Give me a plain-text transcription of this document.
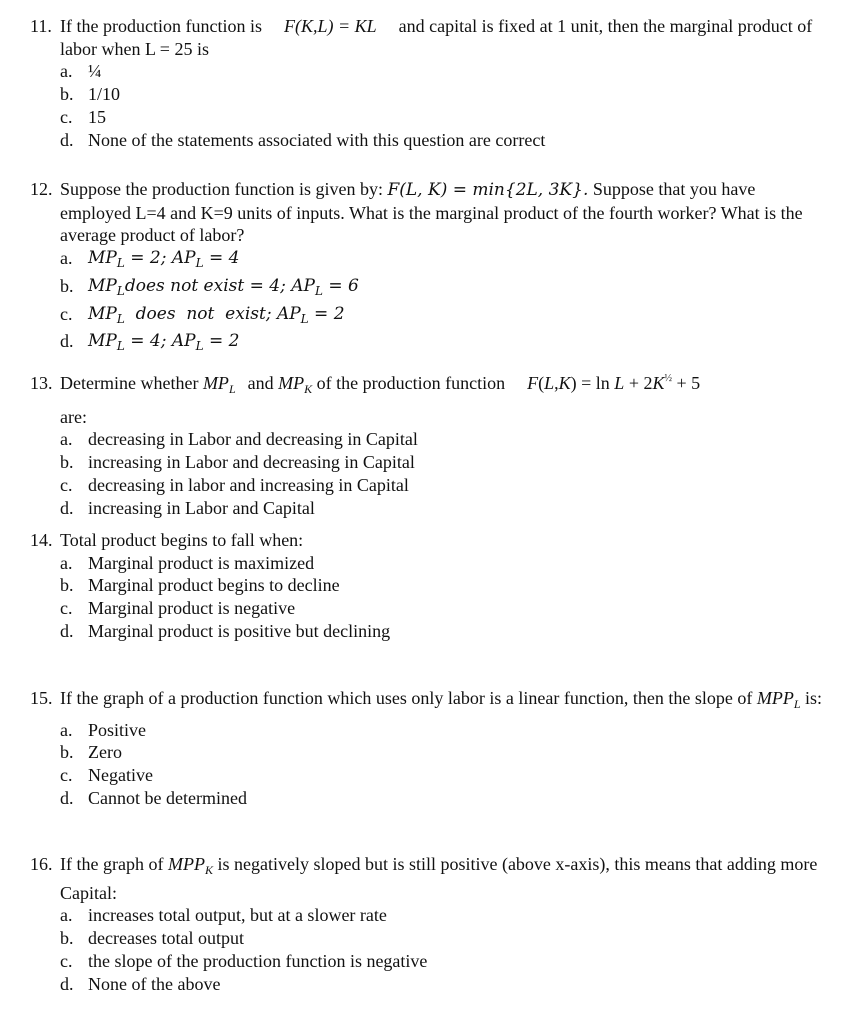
11. If the production function is F(K,L) = KL and capital is fixed at 1 unit, then the marginal product of labor when L = 25 is
a. ¼
b. 1/10
c. 15
d. None of the statements associated with this question are correct
12. Suppose the production function is given by: F(L, K) = min{2L, 3K}. Suppose that you have employed L=4 and K=9 units of inputs. What is the marginal product of the fourth worker? What is the average product of labor?
a. $MP_L = 2$; $AP_L = 4$
b. $MP_Ldoes$ not exist = 4; $AP_L = 6$
c. $MP_L$  does  not  exist; $AP_L = 2$
d. $MP_L = 4$; $AP_L = 2$
13. Determine whether $MP_L$ and $MP_K$ of the production function $F(L,K) = \ln L + 2K^{\frac{1}{2}} + 5$
are:
a. decreasing in Labor and decreasing in Capital
b. increasing in Labor and decreasing in Capital
c. decreasing in labor and increasing in Capital
d. increasing in Labor and Capital
14. Total product begins to fall when:
a. Marginal product is maximized
b. Marginal product begins to decline
c. Marginal product is negative
d. Marginal product is positive but declining
15. If the graph of a production function which uses only labor is a linear function, then the slope of $MPP_L$ is:
a. Positive
b. Zero
c. Negative
d. Cannot be determined
16. If the graph of $MPP_K$ is negatively sloped but is still positive (above x-axis), this means that adding more Capital:
a. increases total output, but at a slower rate
b. decreases total output
c. the slope of the production function is negative
d. None of the above
